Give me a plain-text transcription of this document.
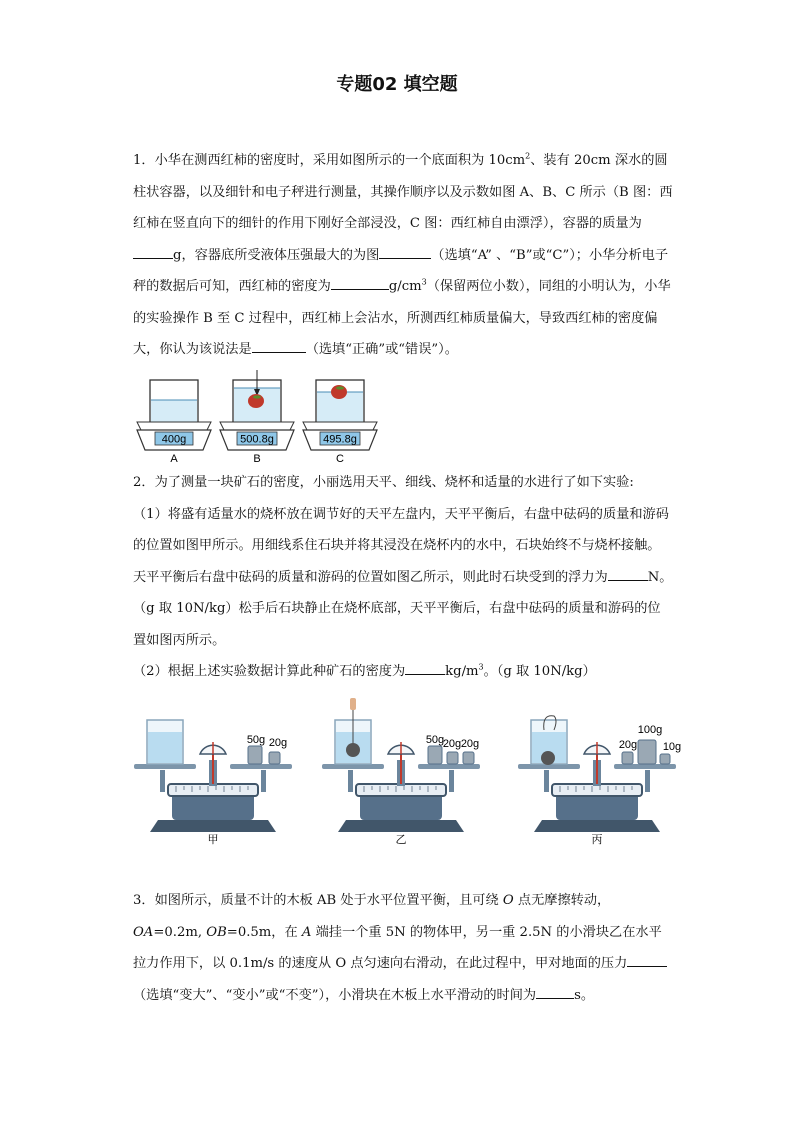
专题02 填空题

1．小华在测西红柿的密度时，采用如图所示的一个底面积为 $10cm^2$、装有 20cm 深水的圆柱状容器，以及细针和电子秤进行测量，其操作顺序以及示数如图 A、B、C 所示（B 图：西红柿在竖直向下的细针的作用下刚好全部浸没，C 图：西红柿自由漂浮），容器的质量为g，容器底所受液体压强最大的为图	（选填“A” 、“B”或“C”）；小华分析电子秤的数据后可知，西红柿的密度为	$g/cm^3$（保留两位小数），同组的小明认为，小华的实验操作 B 至 C 过程中，西红柿上会沾水，所测西红柿质量偏大，导致西红柿的密度偏大，你认为该说法是	（选填“正确”或“错误”）。

400g
A
500.8g
B
495.8g
C

2．为了测量一块矿石的密度，小丽选用天平、细线、烧杯和适量的水进行了如下实验:

（1）将盛有适量水的烧杯放在调节好的天平左盘内，天平平衡后，右盘中砝码的质量和游码的位置如图甲所示。用细线系住石块并将其浸没在烧杯内的水中，石块始终不与烧杯接触。天平平衡后右盘中砝码的质量和游码的位置如图乙所示，则此时石块受到的浮力为	N。（g 取 10N/kg）松手后石块静止在烧杯底部，天平平衡后，右盘中砝码的质量和游码的位置如图丙所示。

（2）根据上述实验数据计算此种矿石的密度为	$kg/m^3$。（g 取 10N/kg）

50g 20g
甲
50g
20g 20g
乙
20g
100g
10g
丙

3．如图所示，质量不计的木板 AB 处于水平位置平衡，且可绕 O 点无摩擦转动，
OA=0.2m, OB=0.5m，在 A 端挂一个重 5N 的物体甲，另一重 2.5N 的小滑块乙在水平拉力作用下，以 0.1m/s 的速度从 O 点匀速向右滑动，在此过程中，甲对地面的压力（选填“变大”、“变小”或“不变”），小滑块在木板上水平滑动的时间为	s。
